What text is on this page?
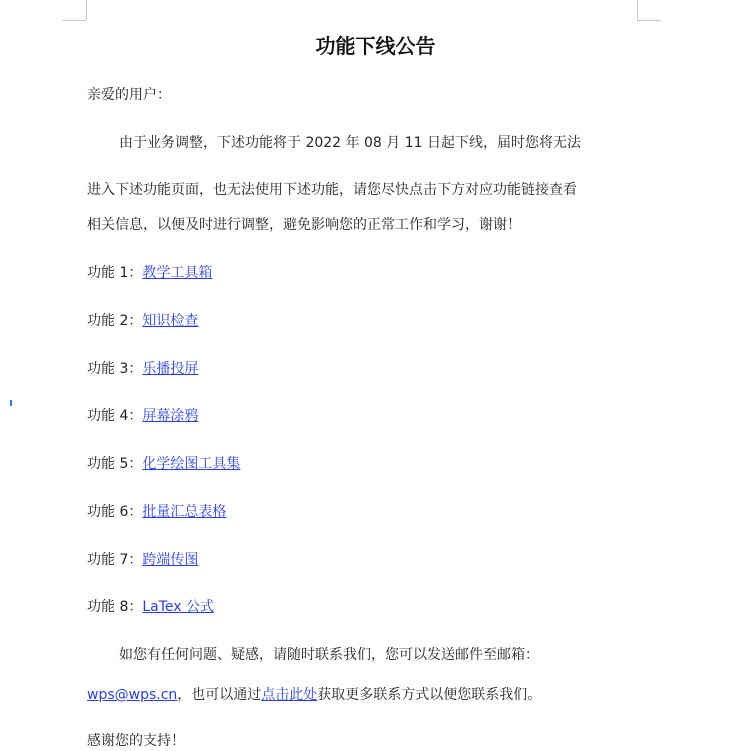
功能下线公告
亲爱的用户：
由于业务调整，下述功能将于 2022 年 08 月 11 日起下线，届时您将无法
进入下述功能页面，也无法使用下述功能，请您尽快点击下方对应功能链接查看
相关信息，以便及时进行调整，避免影响您的正常工作和学习，谢谢！
功能 1：教学工具箱
功能 2：知识检查
功能 3：乐播投屏
功能 4：屏幕涂鸦
功能 5：化学绘图工具集
功能 6：批量汇总表格
功能 7：跨端传图
功能 8：LaTex 公式
如您有任何问题、疑感，请随时联系我们，您可以发送邮件至邮箱：
wps@wps.cn，也可以通过点击此处获取更多联系方式以便您联系我们。
感谢您的支持！
